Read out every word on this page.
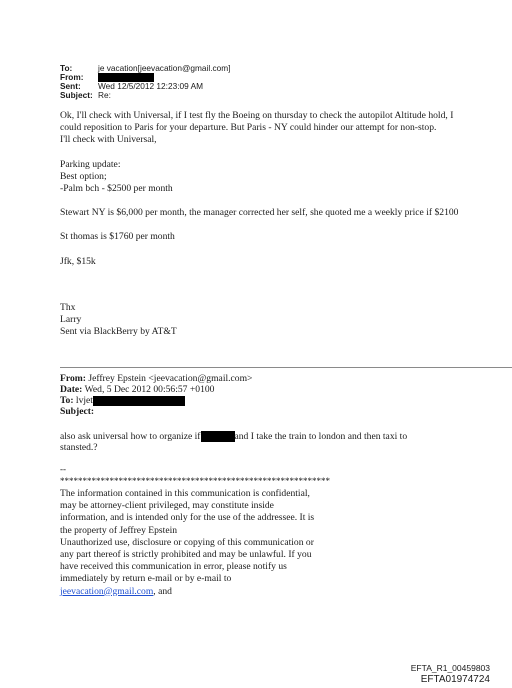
To:	je vacation[jeevacation@gmail.com]
From:
Sent: Wed 12/5/2012 12:23:09 AM
Subject: Re:

Ok, I'll check with Universal, if I test fly the Boeing on thursday to check the autopilot Altitude hold, I could reposition to Paris for your departure. But Paris - NY could hinder our attempt for non-stop.

I'll check with Universal,

Parking update:

Best option;

-Palm bch - $2500 per month

Stewart NY is $6,000 per month, the manager corrected her self, she quoted me a weekly price if $2100

St thomas is $1760 per month

Jfk, $15k

Thx

Larry

Sent via BlackBerry by AT&T

From: Jeffrey Epstein <jeevacation@gmail.com>
Date: Wed, 5 Dec 2012 00:56:57 +0100
To: lvjet
Subject:
also ask universal how to organize if	and I take the train to london and then taxi to
stansted.?
--
************************************************************
The information contained in this communication is confidential, may be attorney-client privileged, may constitute inside information, and is intended only for the use of the addressee. It is the property of Jeffrey Epstein
Unauthorized use, disclosure or copying of this communication or any part thereof is strictly prohibited and may be unlawful. If you have received this communication in error, please notify us immediately by return e-mail or by e-mail to jeevacation@gmail.com, and
EFTA_R1_00459803
EFTA01974724
